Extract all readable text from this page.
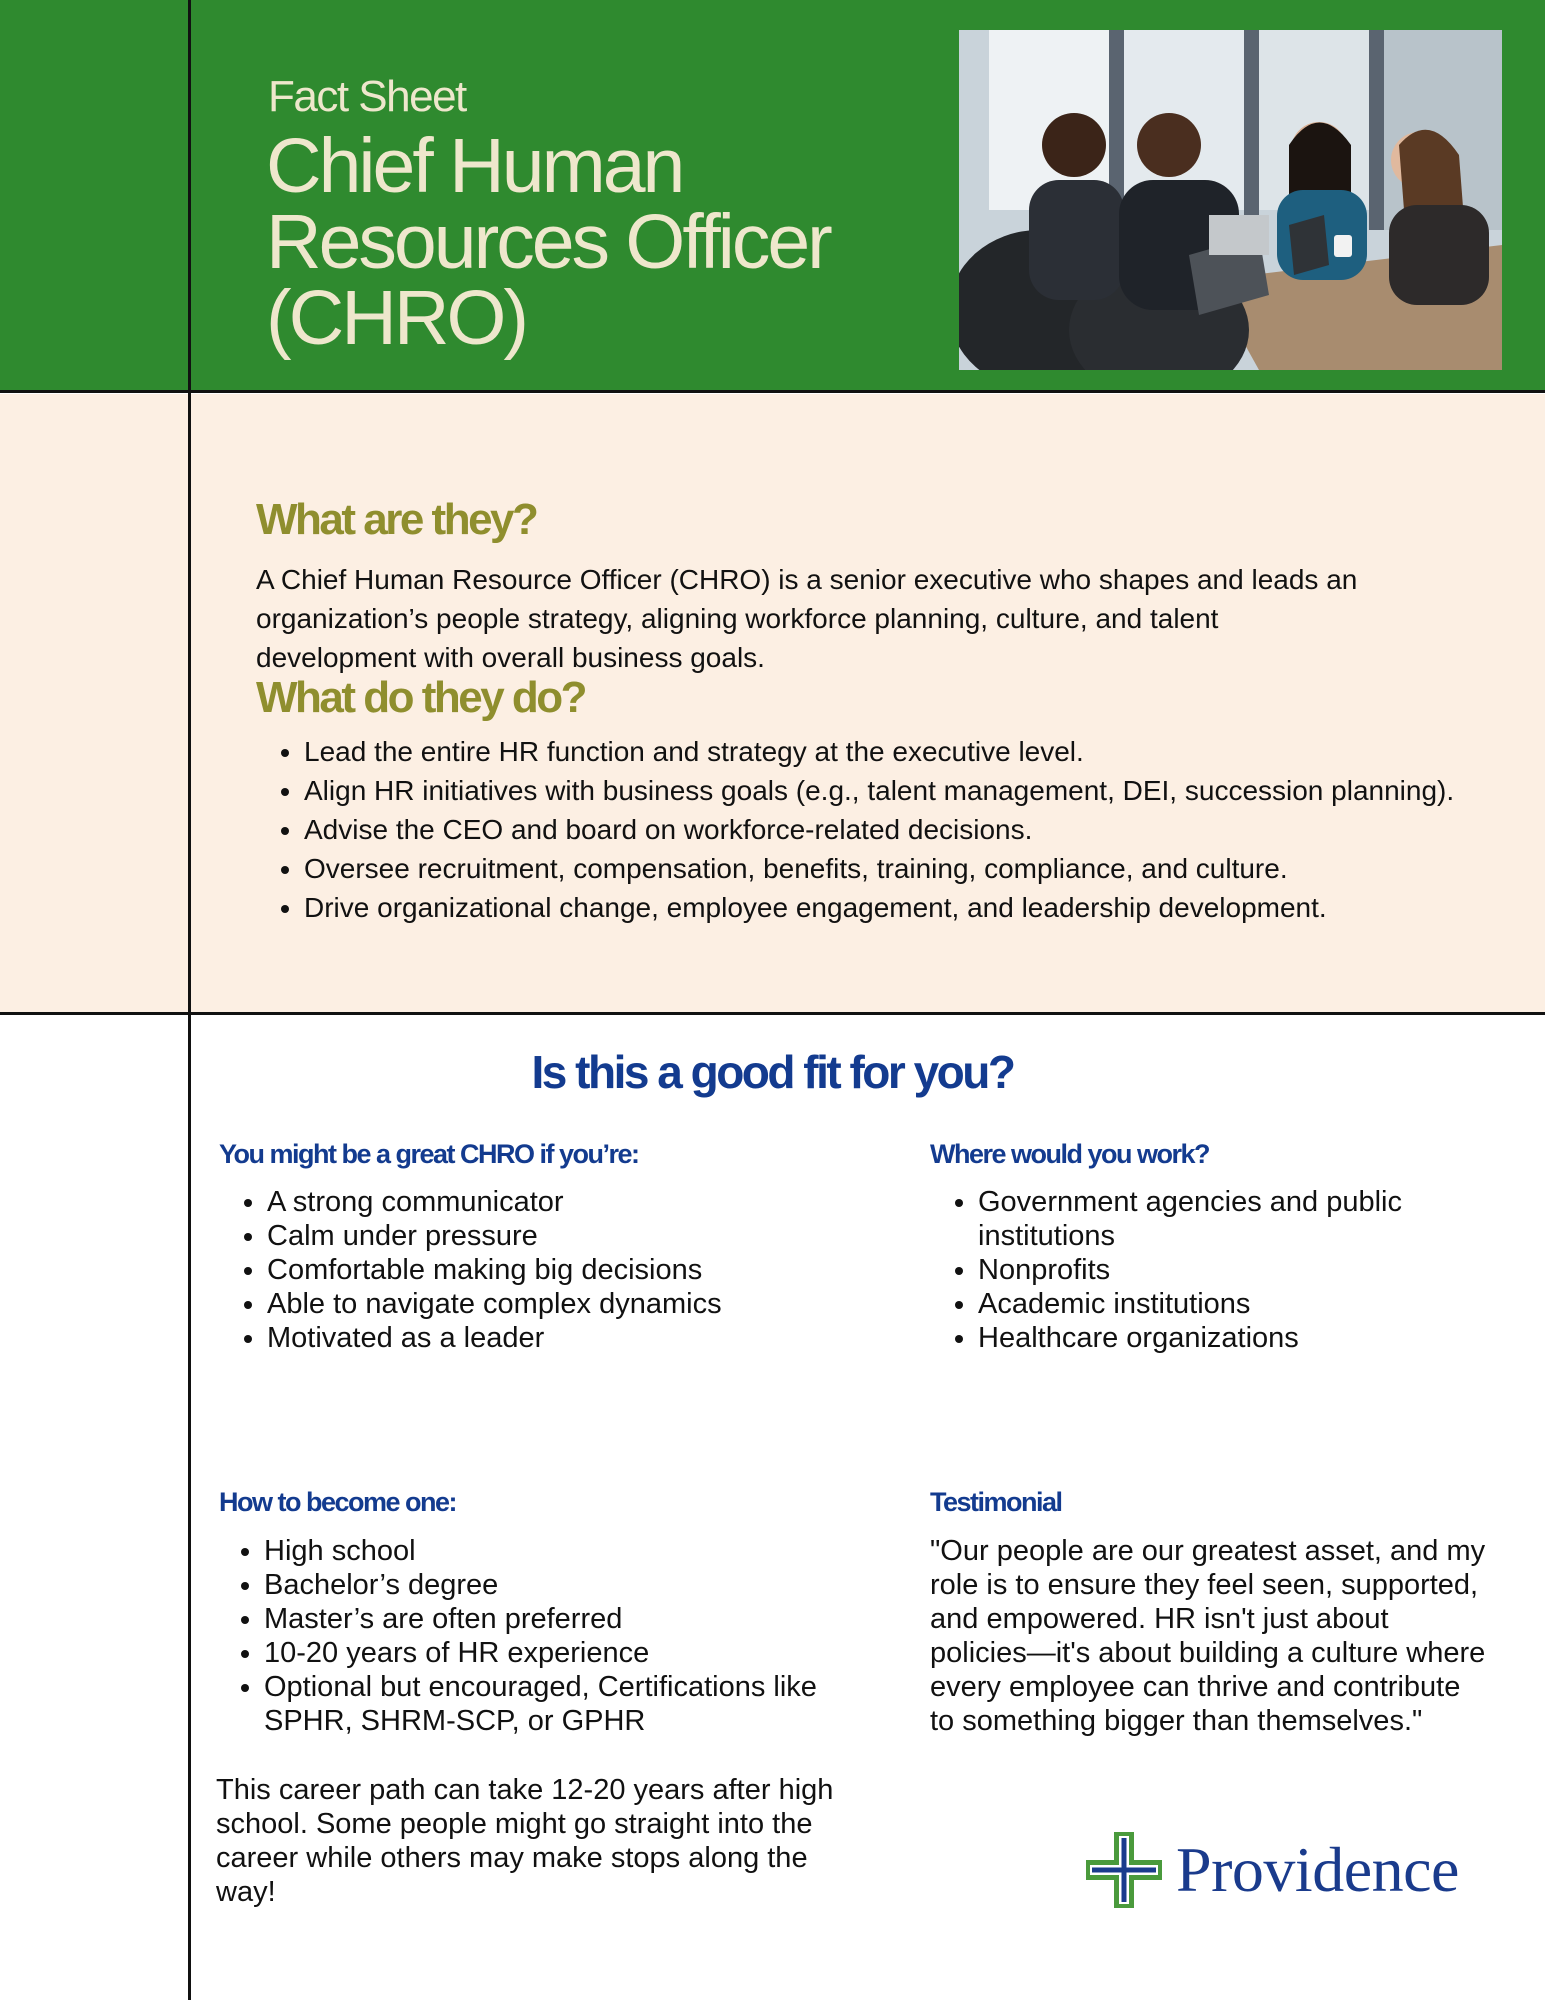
Fact Sheet
Chief Human Resources Officer (CHRO)
What are they?

A Chief Human Resource Officer (CHRO) is a senior executive who shapes and leads an organization’s people strategy, aligning workforce planning, culture, and talent development with overall business goals.

What do they do?
• Lead the entire HR function and strategy at the executive level.
• Align HR initiatives with business goals (e.g., talent management, DEI, succession planning).
• Advise the CEO and board on workforce-related decisions.
• Oversee recruitment, compensation, benefits, training, compliance, and culture.
• Drive organizational change, employee engagement, and leadership development.
Is this a good fit for you?
You might be a great CHRO if you’re:
• A strong communicator
• Calm under pressure
• Comfortable making big decisions
• Able to navigate complex dynamics
• Motivated as a leader
Where would you work?
• Government agencies and public institutions
• Nonprofits
• Academic institutions
• Healthcare organizations
How to become one:
• High school
• Bachelor’s degree
• Master’s are often preferred
• 10-20 years of HR experience
• Optional but encouraged, Certifications like SPHR, SHRM-SCP, or GPHR

This career path can take 12-20 years after high school. Some people might go straight into the career while others may make stops along the way!

Testimonial

"Our people are our greatest asset, and my role is to ensure they feel seen, supported, and empowered. HR isn't just about policies—it's about building a culture where every employee can thrive and contribute to something bigger than themselves."

Providence
